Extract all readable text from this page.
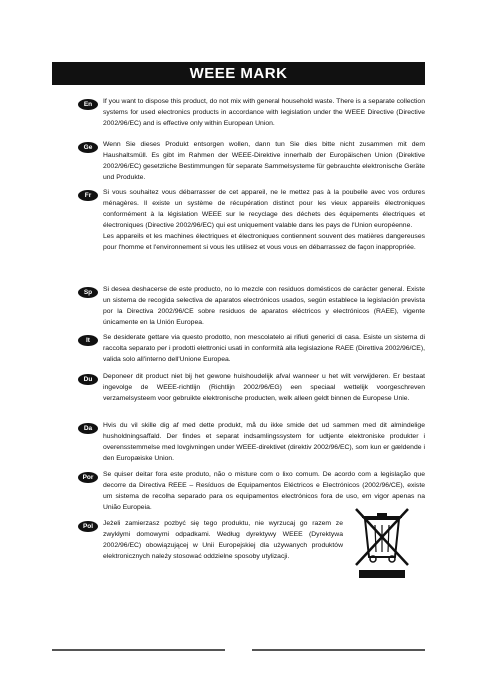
WEEE MARK
En	If you want to dispose this product, do not mix with general household waste. There is a separate collection systems for used electronics products in accordance with legislation under the WEEE Directive (Directive 2002/96/EC) and is effective only within European Union.
Ge	Wenn Sie dieses Produkt entsorgen wollen, dann tun Sie dies bitte nicht zusammen mit dem Haushaltsmüll. Es gibt im Rahmen der WEEE-Direktive innerhalb der Europäischen Union (Direktive 2002/96/EC) gesetzliche Bestimmungen für separate Sammelsysteme für gebrauchte elektronische Geräte und Produkte.
Fr	Si vous souhaitez vous débarrasser de cet appareil, ne le mettez pas à la poubelle avec vos ordures ménagères. Il existe un système de récupération distinct pour les vieux appareils électroniques conformément à la législation WEEE sur le recyclage des déchets des équipements électriques et électroniques (Directive 2002/96/EC) qui est uniquement valable dans les pays de l'Union européenne.

Les appareils et les machines électriques et électroniques contiennent souvent des matières dangereuses pour l'homme et l'environnement si vous les utilisez et vous vous en débarrassez de façon inappropriée.

Sp	Si desea deshacerse de este producto, no lo mezcle con residuos domésticos de carácter general. Existe un sistema de recogida selectiva de aparatos electrónicos usados, según establece la legislación prevista por la Directiva 2002/96/CE sobre residuos de aparatos eléctricos y electrónicos (RAEE), vigente únicamente en la Unión Europea.
It	Se desiderate gettare via questo prodotto, non mescolatelo ai rifiuti generici di casa. Esiste un sistema di raccolta separato per i prodotti elettronici usati in conformità alla legislazione RAEE (Direttiva 2002/96/CE), valida solo all'interno dell'Unione Europea.
Du	Deponeer dit product niet bij het gewone huishoudelijk afval wanneer u het wilt verwijderen. Er bestaat ingevolge de WEEE-richtlijn (Richtlijn 2002/96/EG) een speciaal wettelijk voorgeschreven verzamelsysteem voor gebruikte elektronische producten, welk alleen geldt binnen de Europese Unie.
Da	Hvis du vil skille dig af med dette produkt, må du ikke smide det ud sammen med dit almindelige husholdningsaffald. Der findes et separat indsamlingssystem for udtjente elektroniske produkter i overensstemmelse med lovgivningen under WEEE-direktivet (direktiv 2002/96/EC), som kun er gældende i den Europæiske Union.
Por	Se quiser deitar fora este produto, não o misture com o lixo comum. De acordo com a legislação que decorre da Directiva REEE – Resíduos de Equipamentos Eléctricos e Electrónicos (2002/96/CE), existe um sistema de recolha separado para os equipamentos electrónicos fora de uso, em vigor apenas na União Europeia.
Pol	Jeżeli zamierzasz pozbyć się tego produktu, nie wyrzucaj go razem ze zwykłymi domowymi odpadkami. Według dyrektywy WEEE (Dyrektywa 2002/96/EC) obowiązującej w Unii Europejskiej dla używanych produktów elektronicznych należy stosować oddzielne sposoby utylizacji.
